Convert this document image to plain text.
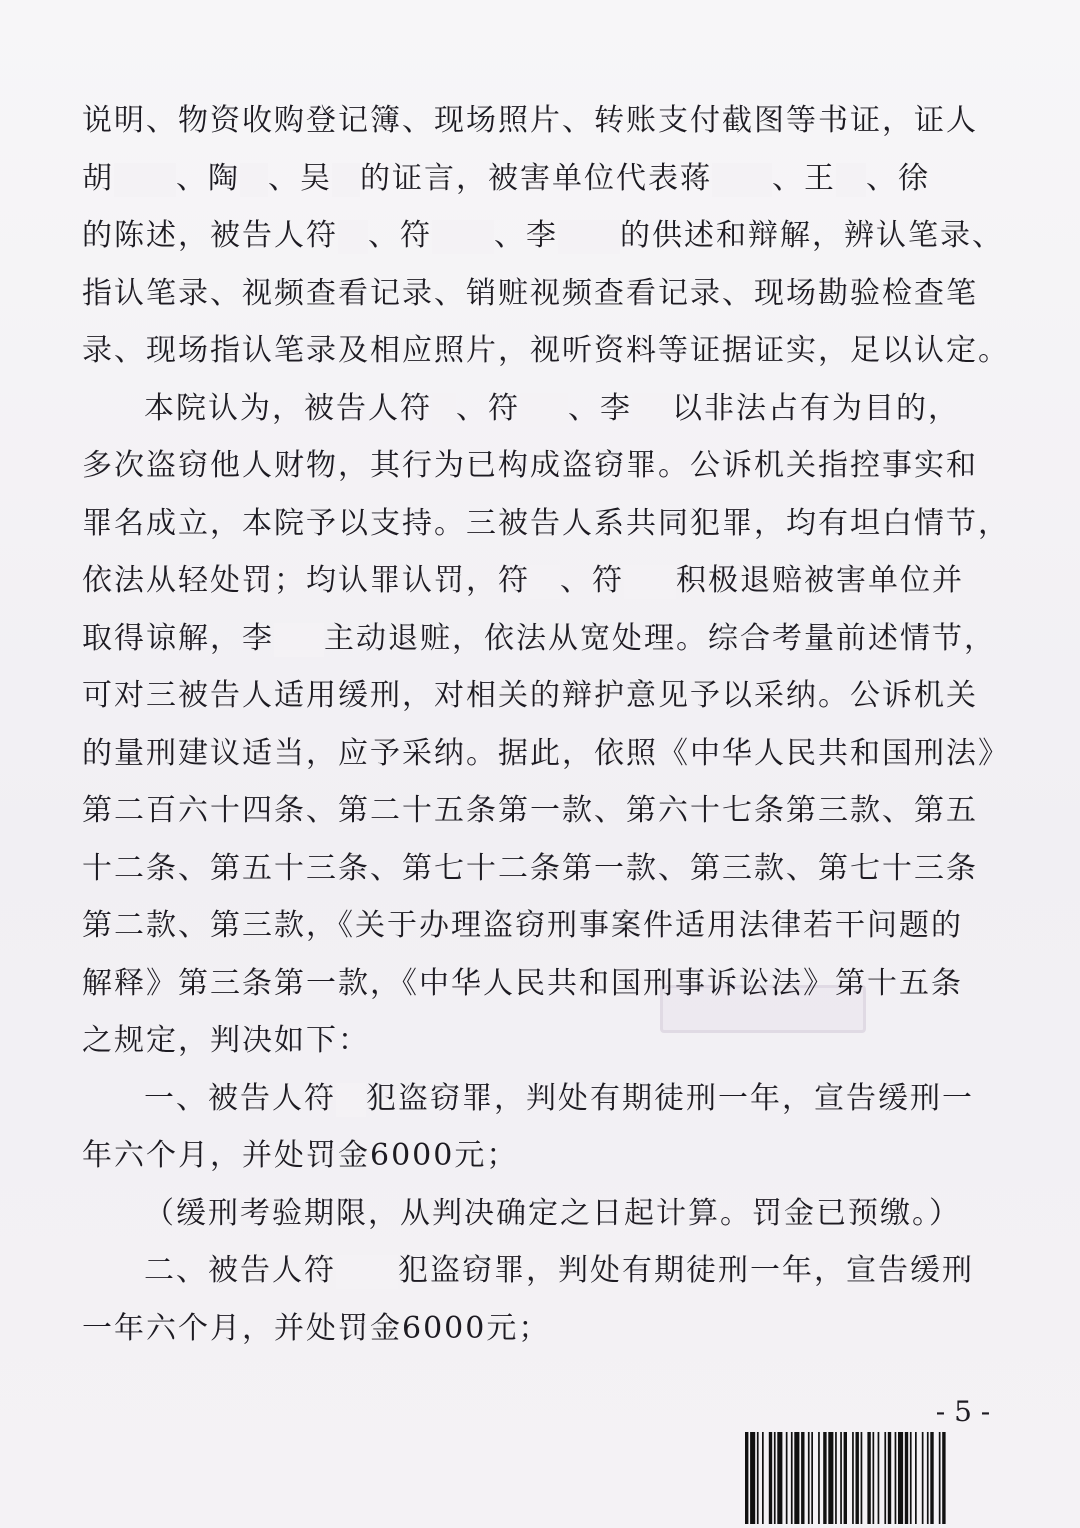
说明、物资收购登记簿、现场照片、转账支付截图等书证，证人
胡 、陶 、吴 的证言，被害单位代表蒋 、王 、徐
的陈述，被告人符 、符 、李 的供述和辩解，辨认笔录、
指认笔录、视频查看记录、销赃视频查看记录、现场勘验检查笔
录、现场指认笔录及相应照片，视听资料等证据证实，足以认定。
本院认为，被告人符 、符 、李 以非法占有为目的，
多次盗窃他人财物，其行为已构成盗窃罪。公诉机关指控事实和
罪名成立，本院予以支持。三被告人系共同犯罪，均有坦白情节，
依法从轻处罚；均认罪认罚，符 、符 积极退赔被害单位并
取得谅解，李 主动退赃，依法从宽处理。综合考量前述情节，
可对三被告人适用缓刑，对相关的辩护意见予以采纳。公诉机关
的量刑建议适当，应予采纳。据此，依照《中华人民共和国刑法》
第二百六十四条、第二十五条第一款、第六十七条第三款、第五
十二条、第五十三条、第七十二条第一款、第三款、第七十三条
第二款、第三款，《关于办理盗窃刑事案件适用法律若干问题的
解释》第三条第一款，《中华人民共和国刑事诉讼法》第十五条
之规定，判决如下：
一、被告人符 犯盗窃罪，判处有期徒刑一年，宣告缓刑一
年六个月，并处罚金6000元；
（缓刑考验期限，从判决确定之日起计算。罚金已预缴。）
二、被告人符 犯盗窃罪，判处有期徒刑一年，宣告缓刑
一年六个月，并处罚金6000元；
- 5 -
